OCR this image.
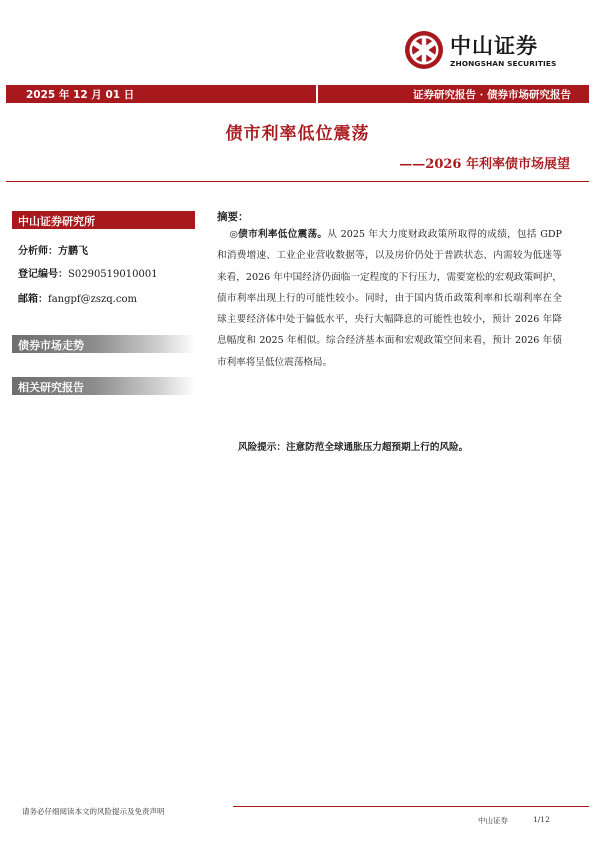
中山证券
ZHONGSHAN SECURITIES
2025 年 12 月 01 日	证券研究报告 · 债券市场研究报告
债市利率低位震荡
——2026 年利率债市场展望
中山证券研究所
分析师：方鹏飞
登记编号：S0290519010001
邮箱：fangpf@zszq.com
债券市场走势
相关研究报告
摘要：
◎债市利率低位震荡。从 2025 年大力度财政政策所取得的成绩，包括 GDP 和消费增速、工业企业营收数据等，以及房价仍处于普跌状态、内需较为低迷等来看，2026 年中国经济仍面临一定程度的下行压力，需要宽松的宏观政策呵护，债市利率出现上行的可能性较小。同时，由于国内货币政策利率和长端利率在全球主要经济体中处于偏低水平，央行大幅降息的可能性也较小，预计 2026 年降息幅度和 2025 年相似。综合经济基本面和宏观政策空间来看，预计 2026 年债市利率将呈低位震荡格局。
风险提示：注意防范全球通胀压力超预期上行的风险。
请务必仔细阅读本文的风险提示及免责声明
中山证券	1/12
